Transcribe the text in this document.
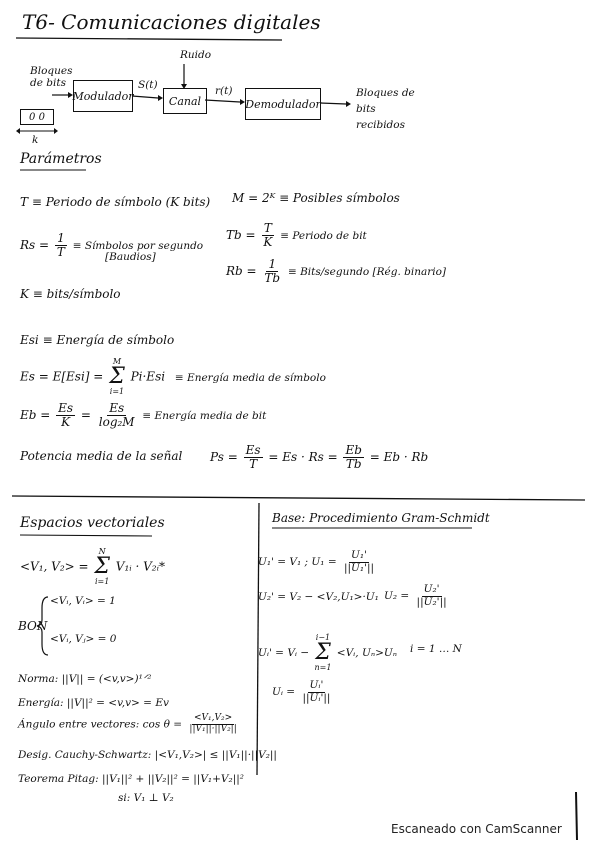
T6- Comunicaciones digitales
Bloques de bits
0 0
k
Modulador
S(t)
Ruido
Canal
r(t)
Demodulador
Bloques de bits recibidos
Parámetros
T ≡ Periodo de símbolo (K bits) M = 2ᴷ ≡ Posibles símbolos
$Rs = \frac{1}{T}$ ≡ Símbolos por segundo
[Baudios]
$Tb = \frac{T}{K}$ ≡ Periodo de bit
$Rb = \frac{1}{Tb}$ ≡ Bits/segundo [Rég. binario]
K ≡ bits/símbolo
Esi ≡ Energía de símbolo
Es = E[Esi] =
M
Σ
i=1
Pi·Esi ≡ Energía media de símbolo
$Eb = \frac{Es}{K} = \frac{Es}{\text{log₂M}}$ ≡ Energía media de bit
Potencia media de la señal $Ps = \frac{Es}{T} = Es \cdot Rs = \frac{Eb}{Tb} = Eb \cdot Rb$
Espacios vectoriales
<V₁, V₂> =
N
Σ
i=1
V₁ᵢ · V₂ᵢ*
BON
<Vᵢ, Vᵢ> = 1
<Vᵢ, Vⱼ> = 0
Norma: ||V|| = (<v,v>)¹ᐟ²
Energía: ||V||² = <v,v> = Ev
Ángulo entre vectores: $\cos \theta = \frac{\text{<V₁,V₂>}}{\text{||V₁||·||V₂||}}$
Desig. Cauchy-Schwartz: |<V₁,V₂>| ≤ ||V₁||·||V₂||
Teorema Pitag: ||V₁||² + ||V₂||² = ||V₁+V₂||²
si: V₁ ⊥ V₂
Base: Procedimiento Gram-Schmidt
U₁' = V₁ ; $U_1 = \frac{\text{U₁'}}{\text{||U₁'||}}$
U₂' = V₂ − <V₂,U₁>·U₁ $U_2 = \frac{\text{U₂'}}{\text{||U₂'||}}$
Uᵢ' = Vᵢ −
i−1
Σ
n=1
<Vᵢ, Uₙ>Uₙ i = 1 … N
Uᵢ = $\frac{\text{Uᵢ'}}{\text{||Uᵢ'||}}$
Escaneado con CamScanner
